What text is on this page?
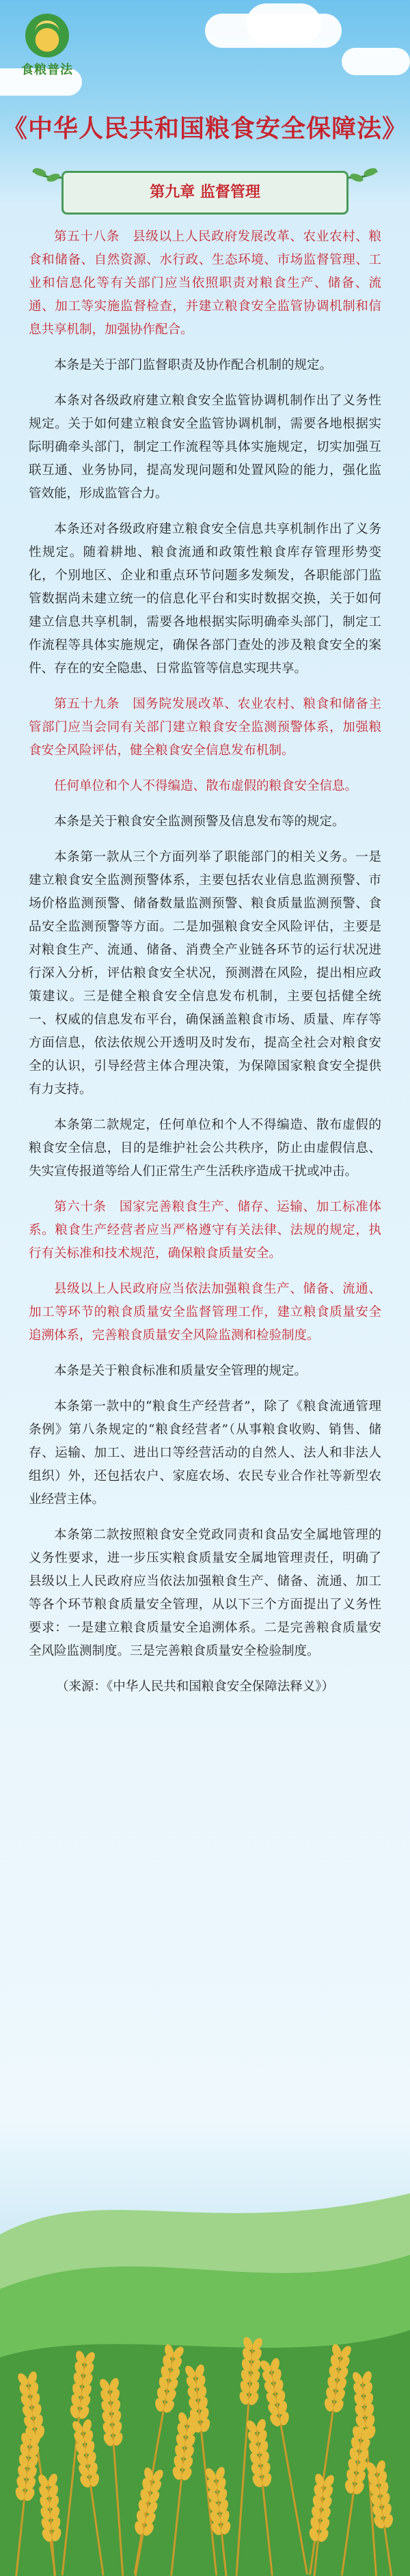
食粮普法
《中华人民共和国粮食安全保障法》
第九章 监督管理

第五十八条　县级以上人民政府发展改革、农业农村、粮食和储备、自然资源、水行政、生态环境、市场监督管理、工业和信息化等有关部门应当依照职责对粮食生产、储备、流通、加工等实施监督检查，并建立粮食安全监管协调机制和信息共享机制，加强协作配合。

本条是关于部门监督职责及协作配合机制的规定。

本条对各级政府建立粮食安全监管协调机制作出了义务性规定。关于如何建立粮食安全监管协调机制，需要各地根据实际明确牵头部门，制定工作流程等具体实施规定，切实加强互联互通、业务协同，提高发现问题和处置风险的能力，强化监管效能，形成监管合力。

本条还对各级政府建立粮食安全信息共享机制作出了义务性规定。随着耕地、粮食流通和政策性粮食库存管理形势变化，个别地区、企业和重点环节问题多发频发，各职能部门监管数据尚未建立统一的信息化平台和实时数据交换，关于如何建立信息共享机制，需要各地根据实际明确牵头部门，制定工作流程等具体实施规定，确保各部门查处的涉及粮食安全的案件、存在的安全隐患、日常监管等信息实现共享。

第五十九条　国务院发展改革、农业农村、粮食和储备主管部门应当会同有关部门建立粮食安全监测预警体系，加强粮食安全风险评估，健全粮食安全信息发布机制。

任何单位和个人不得编造、散布虚假的粮食安全信息。

本条是关于粮食安全监测预警及信息发布等的规定。

本条第一款从三个方面列举了职能部门的相关义务。一是建立粮食安全监测预警体系，主要包括农业信息监测预警、市场价格监测预警、储备数量监测预警、粮食质量监测预警、食品安全监测预警等方面。二是加强粮食安全风险评估，主要是对粮食生产、流通、储备、消费全产业链各环节的运行状况进行深入分析，评估粮食安全状况，预测潜在风险，提出相应政策建议。三是健全粮食安全信息发布机制，主要包括健全统一、权威的信息发布平台，确保涵盖粮食市场、质量、库存等方面信息，依法依规公开透明及时发布，提高全社会对粮食安全的认识，引导经营主体合理决策，为保障国家粮食安全提供有力支持。

本条第二款规定，任何单位和个人不得编造、散布虚假的粮食安全信息，目的是维护社会公共秩序，防止由虚假信息、失实宣传报道等给人们正常生产生活秩序造成干扰或冲击。

第六十条　国家完善粮食生产、储存、运输、加工标准体系。粮食生产经营者应当严格遵守有关法律、法规的规定，执行有关标准和技术规范，确保粮食质量安全。

县级以上人民政府应当依法加强粮食生产、储备、流通、加工等环节的粮食质量安全监督管理工作，建立粮食质量安全追溯体系，完善粮食质量安全风险监测和检验制度。

本条是关于粮食标准和质量安全管理的规定。

本条第一款中的“粮食生产经营者”，除了《粮食流通管理条例》第八条规定的“粮食经营者”（从事粮食收购、销售、储存、运输、加工、进出口等经营活动的自然人、法人和非法人组织）外，还包括农户、家庭农场、农民专业合作社等新型农业经营主体。

本条第二款按照粮食安全党政同责和食品安全属地管理的义务性要求，进一步压实粮食质量安全属地管理责任，明确了县级以上人民政府应当依法加强粮食生产、储备、流通、加工等各个环节粮食质量安全管理，从以下三个方面提出了义务性要求：一是建立粮食质量安全追溯体系。二是完善粮食质量安全风险监测制度。三是完善粮食质量安全检验制度。

（来源：《中华人民共和国粮食安全保障法释义》）
